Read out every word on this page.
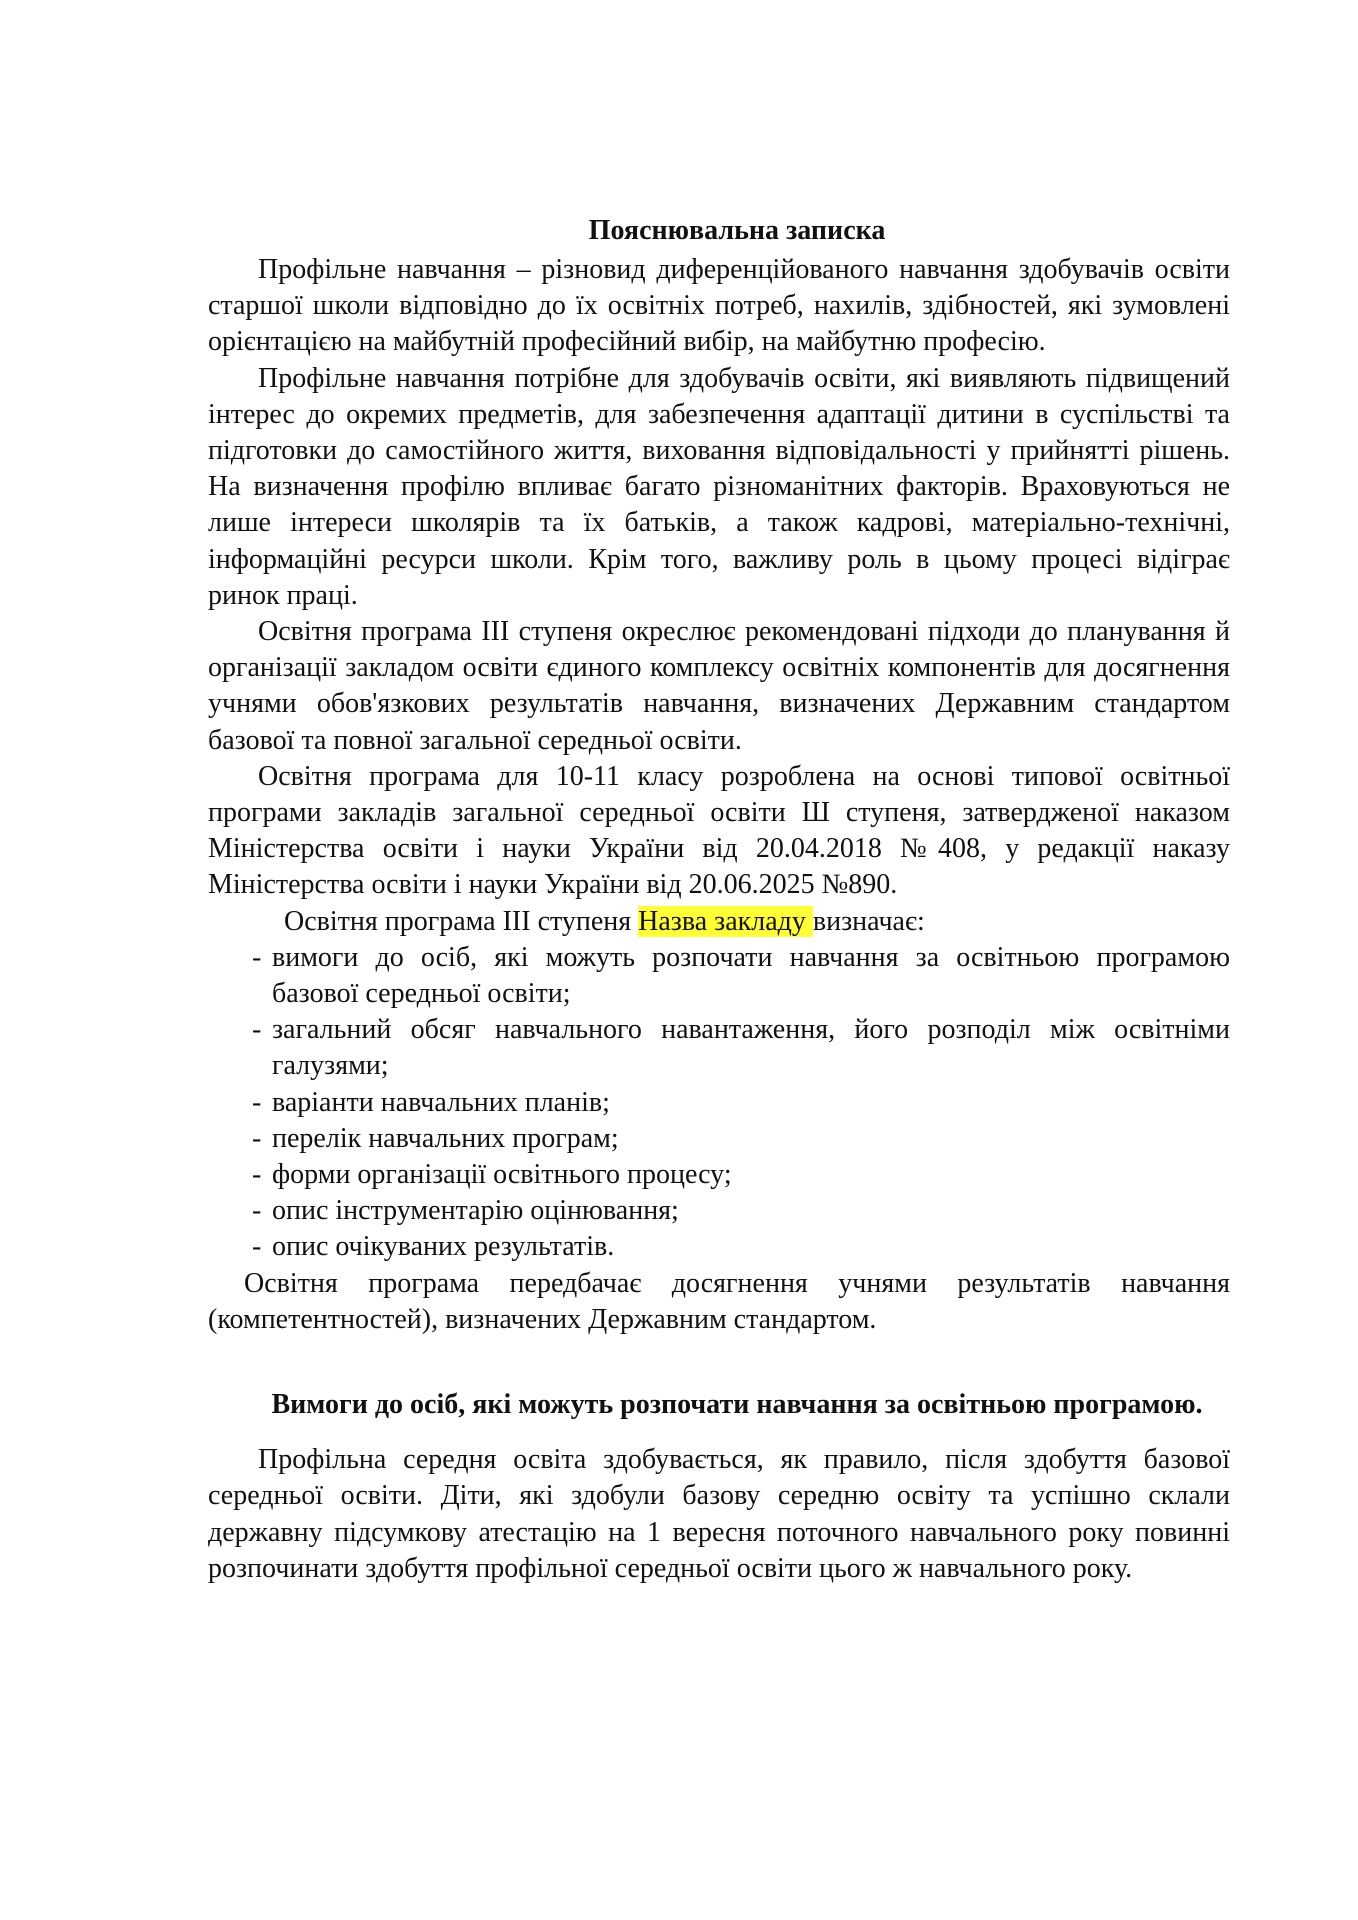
Пояснювальна записка

Профільне навчання – різновид диференційованого навчання здобувачів освіти старшої школи відповідно до їх освітніх потреб, нахилів, здібностей, які зумовлені орієнтацією на майбутній професійний вибір, на майбутню професію.

Профільне навчання потрібне для здобувачів освіти, які виявляють підвищений інтерес до окремих предметів, для забезпечення адаптації дитини в суспільстві та підготовки до самостійного життя, виховання відповідальності у прийнятті рішень. На визначення профілю впливає багато різноманітних факторів. Враховуються не лише інтереси школярів та їх батьків, а також кадрові, матеріально-технічні, інформаційні ресурси школи. Крім того, важливу роль в цьому процесі відіграє ринок праці.

Освітня програма ІІІ ступеня окреслює рекомендовані підходи до планування й організації закладом освіти єдиного комплексу освітніх компонентів для досягнення учнями обов'язкових результатів навчання, визначених Державним стандартом базової та повної загальної середньої освіти.

Освітня програма для 10-11 класу розроблена на основі типової освітньої програми закладів загальної середньої освіти Ш ступеня, затвердженої наказом Міністерства освіти і науки України від 20.04.2018 №408, у редакції наказу Міністерства освіти і науки України від 20.06.2025 №890.

Освітня програма ІІІ ступеня Назва закладу визначає:

- вимоги до осіб, які можуть розпочати навчання за освітньою програмою базової середньої освіти;
- загальний обсяг навчального навантаження, його розподіл між освітніми галузями;
- варіанти навчальних планів;
- перелік навчальних програм;
- форми організації освітнього процесу;
- опис інструментарію оцінювання;
- опис очікуваних результатів.

Освітня програма передбачає досягнення учнями результатів навчання (компетентностей), визначених Державним стандартом.

Вимоги до осіб, які можуть розпочати навчання за освітньою програмою.

Профільна середня освіта здобувається, як правило, після здобуття базової середньої освіти. Діти, які здобули базову середню освіту та успішно склали державну підсумкову атестацію на 1 вересня поточного навчального року повинні розпочинати здобуття профільної середньої освіти цього ж навчального року.
